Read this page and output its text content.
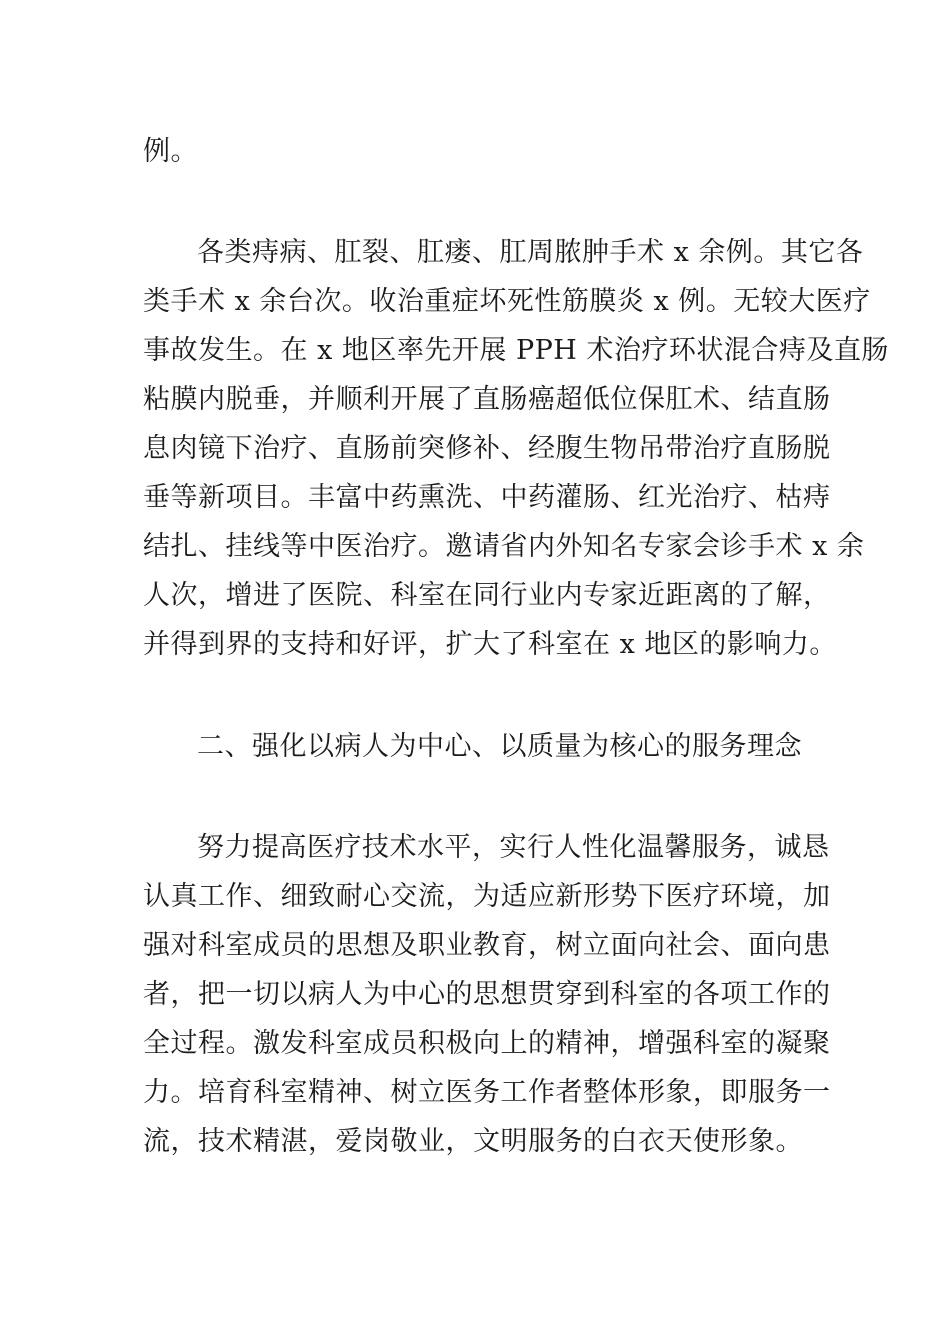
例。
各类痔病、肛裂、肛瘘、肛周脓肿手术 x 余例。其它各
类手术 x 余台次。收治重症坏死性筋膜炎 x 例。无较大医疗
事故发生。在 x 地区率先开展 PPH 术治疗环状混合痔及直肠
粘膜内脱垂，并顺利开展了直肠癌超低位保肛术、结直肠
息肉镜下治疗、直肠前突修补、经腹生物吊带治疗直肠脱
垂等新项目。丰富中药熏洗、中药灌肠、红光治疗、枯痔
结扎、挂线等中医治疗。邀请省内外知名专家会诊手术 x 余
人次，增进了医院、科室在同行业内专家近距离的了解，
并得到界的支持和好评，扩大了科室在 x 地区的影响力。
二、强化以病人为中心、以质量为核心的服务理念
努力提高医疗技术水平，实行人性化温馨服务，诚恳
认真工作、细致耐心交流，为适应新形势下医疗环境，加
强对科室成员的思想及职业教育，树立面向社会、面向患
者，把一切以病人为中心的思想贯穿到科室的各项工作的
全过程。激发科室成员积极向上的精神，增强科室的凝聚
力。培育科室精神、树立医务工作者整体形象，即服务一
流，技术精湛，爱岗敬业，文明服务的白衣天使形象。
